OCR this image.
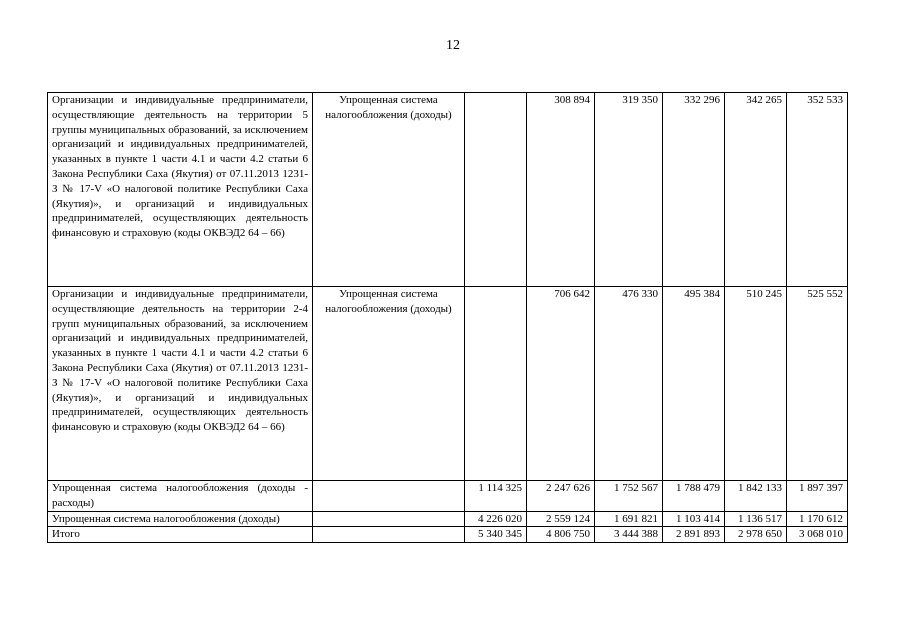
12
Организации и индивидуальные предприниматели, осуществляющие деятельность на территории 5 группы муниципальных образований, за исключением организаций и индивидуальных предпринимателей, указанных в пункте 1 части 4.1 и части 4.2 статьи 6 Закона Республики Саха (Якутия) от 07.11.2013 1231-З № 17-V «О налоговой политике Республики Саха (Якутия)», и организаций и индивидуальных предпринимателей, осуществляющих деятельность финансовую и страховую (коды ОКВЭД2 64 – 66)	Упрощенная система налогообложения (доходы)		308 894	319 350	332 296	342 265	352 533
Организации и индивидуальные предприниматели, осуществляющие деятельность на территории 2-4 групп муниципальных образований, за исключением организаций и индивидуальных предпринимателей, указанных в пункте 1 части 4.1 и части 4.2 статьи 6 Закона Республики Саха (Якутия) от 07.11.2013 1231-З № 17-V «О налоговой политике Республики Саха (Якутия)», и организаций и индивидуальных предпринимателей, осуществляющих деятельность финансовую и страховую (коды ОКВЭД2 64 – 66)	Упрощенная система налогообложения (доходы)		706 642	476 330	495 384	510 245	525 552
Упрощенная система налогообложения (доходы - расходы)		1 114 325	2 247 626	1 752 567	1 788 479	1 842 133	1 897 397
Упрощенная система налогообложения (доходы)		4 226 020	2 559 124	1 691 821	1 103 414	1 136 517	1 170 612
Итого		5 340 345	4 806 750	3 444 388	2 891 893	2 978 650	3 068 010
